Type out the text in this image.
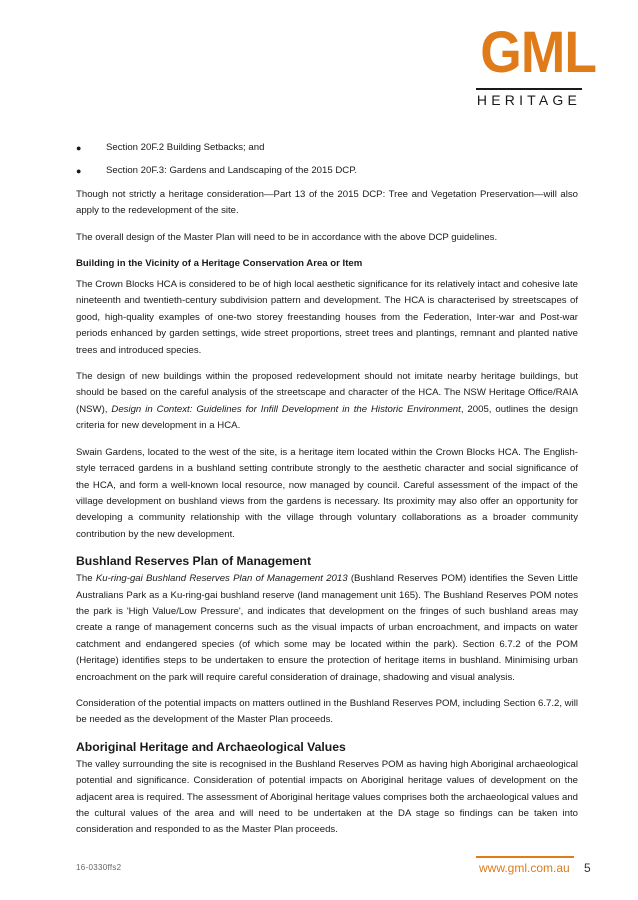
GML
HERITAGE
●	Section 20F.2 Building Setbacks; and
●	Section 20F.3: Gardens and Landscaping of the 2015 DCP.

Though not strictly a heritage consideration—Part 13 of the 2015 DCP: Tree and Vegetation Preservation—will also apply to the redevelopment of the site.

The overall design of the Master Plan will need to be in accordance with the above DCP guidelines.

Building in the Vicinity of a Heritage Conservation Area or Item

The Crown Blocks HCA is considered to be of high local aesthetic significance for its relatively intact and cohesive late nineteenth and twentieth-century subdivision pattern and development. The HCA is characterised by streetscapes of good, high-quality examples of one-two storey freestanding houses from the Federation, Inter-war and Post-war periods enhanced by garden settings, wide street proportions, street trees and plantings, remnant and planted native trees and introduced species.

The design of new buildings within the proposed redevelopment should not imitate nearby heritage buildings, but should be based on the careful analysis of the streetscape and character of the HCA. The NSW Heritage Office/RAIA (NSW), Design in Context: Guidelines for Infill Development in the Historic Environment, 2005, outlines the design criteria for new development in a HCA.

Swain Gardens, located to the west of the site, is a heritage item located within the Crown Blocks HCA. The English-style terraced gardens in a bushland setting contribute strongly to the aesthetic character and social significance of the HCA, and form a well-known local resource, now managed by council. Careful assessment of the impact of the village development on bushland views from the gardens is necessary. Its proximity may also offer an opportunity for developing a community relationship with the village through voluntary collaborations as a broader community contribution by the new development.

Bushland Reserves Plan of Management

The Ku-ring-gai Bushland Reserves Plan of Management 2013 (Bushland Reserves POM) identifies the Seven Little Australians Park as a Ku-ring-gai bushland reserve (land management unit 165). The Bushland Reserves POM notes the park is 'High Value/Low Pressure', and indicates that development on the fringes of such bushland areas may create a range of management concerns such as the visual impacts of urban encroachment, and impacts on water catchment and endangered species (of which some may be located within the park). Section 6.7.2 of the POM (Heritage) identifies steps to be undertaken to ensure the protection of heritage items in bushland. Minimising urban encroachment on the park will require careful consideration of drainage, shadowing and visual analysis.

Consideration of the potential impacts on matters outlined in the Bushland Reserves POM, including Section 6.7.2, will be needed as the development of the Master Plan proceeds.

Aboriginal Heritage and Archaeological Values

The valley surrounding the site is recognised in the Bushland Reserves POM as having high Aboriginal archaeological potential and significance. Consideration of potential impacts on Aboriginal heritage values of development on the adjacent area is required. The assessment of Aboriginal heritage values comprises both the archaeological values and the cultural values of the area and will need to be undertaken at the DA stage so findings can be taken into consideration and responded to as the Master Plan proceeds.

16-0330ffs2	www.gml.com.au 5
